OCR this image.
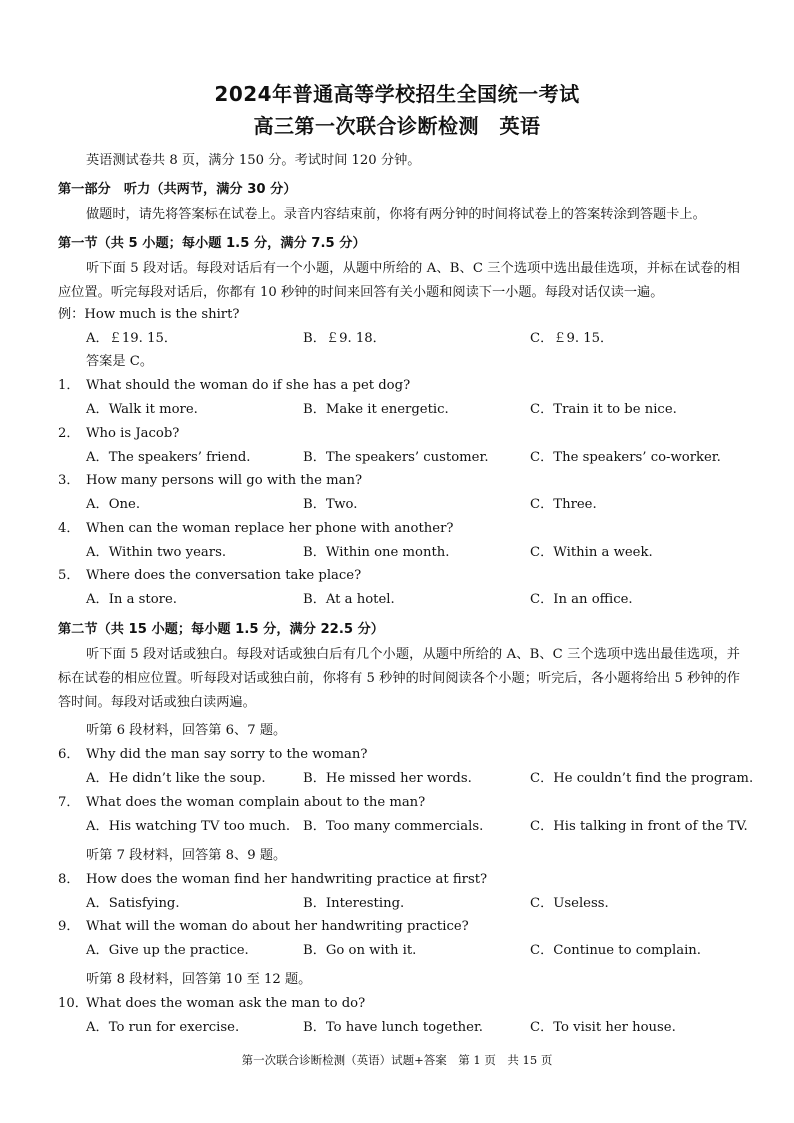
2024年普通高等学校招生全国统一考试
高三第一次联合诊断检测　英语
英语测试卷共 8 页，满分 150 分。考试时间 120 分钟。
第一部分　听力（共两节，满分 30 分）
做题时，请先将答案标在试卷上。录音内容结束前，你将有两分钟的时间将试卷上的答案转涂到答题卡上。
第一节（共 5 小题；每小题 1.5 分，满分 7.5 分）
听下面 5 段对话。每段对话后有一个小题，从题中所给的 A、B、C 三个选项中选出最佳选项，并标在试卷的相应位置。听完每段对话后，你都有 10 秒钟的时间来回答有关小题和阅读下一小题。每段对话仅读一遍。
例：How much is the shirt?
A．￡19. 15．	B．￡9. 18．	C．￡9. 15．
答案是 C。
1． What should the woman do if she has a pet dog?
A．Walk it more.	B．Make it energetic.	C．Train it to be nice.
2． Who is Jacob?
A．The speakers’ friend.	B．The speakers’ customer.	C．The speakers’ co-worker.
3． How many persons will go with the man?
A．One.	B．Two.	C．Three.
4． When can the woman replace her phone with another?
A．Within two years.	B．Within one month.	C．Within a week.
5． Where does the conversation take place?
A．In a store.	B．At a hotel.	C．In an office.
第二节（共 15 小题；每小题 1.5 分，满分 22.5 分）
听下面 5 段对话或独白。每段对话或独白后有几个小题，从题中所给的 A、B、C 三个选项中选出最佳选项，并标在试卷的相应位置。听每段对话或独白前，你将有 5 秒钟的时间阅读各个小题；听完后，各小题将给出 5 秒钟的作答时间。每段对话或独白读两遍。
听第 6 段材料，回答第 6、7 题。
6． Why did the man say sorry to the woman?
A．He didn’t like the soup.	B．He missed her words.	C．He couldn’t find the program.
7． What does the woman complain about to the man?
A．His watching TV too much. B．Too many commercials.	C．His talking in front of the TV.
听第 7 段材料，回答第 8、9 题。
8． How does the woman find her handwriting practice at first?
A．Satisfying.	B．Interesting.	C．Useless.
9． What will the woman do about her handwriting practice?
A．Give up the practice.	B．Go on with it.	C．Continue to complain.
听第 8 段材料，回答第 10 至 12 题。
10．
What does the woman ask the man to do?
A．To run for exercise.	B．To have lunch together.	C．To visit her house.
第一次联合诊断检测（英语）试题+答案　第 1 页　共 15 页
